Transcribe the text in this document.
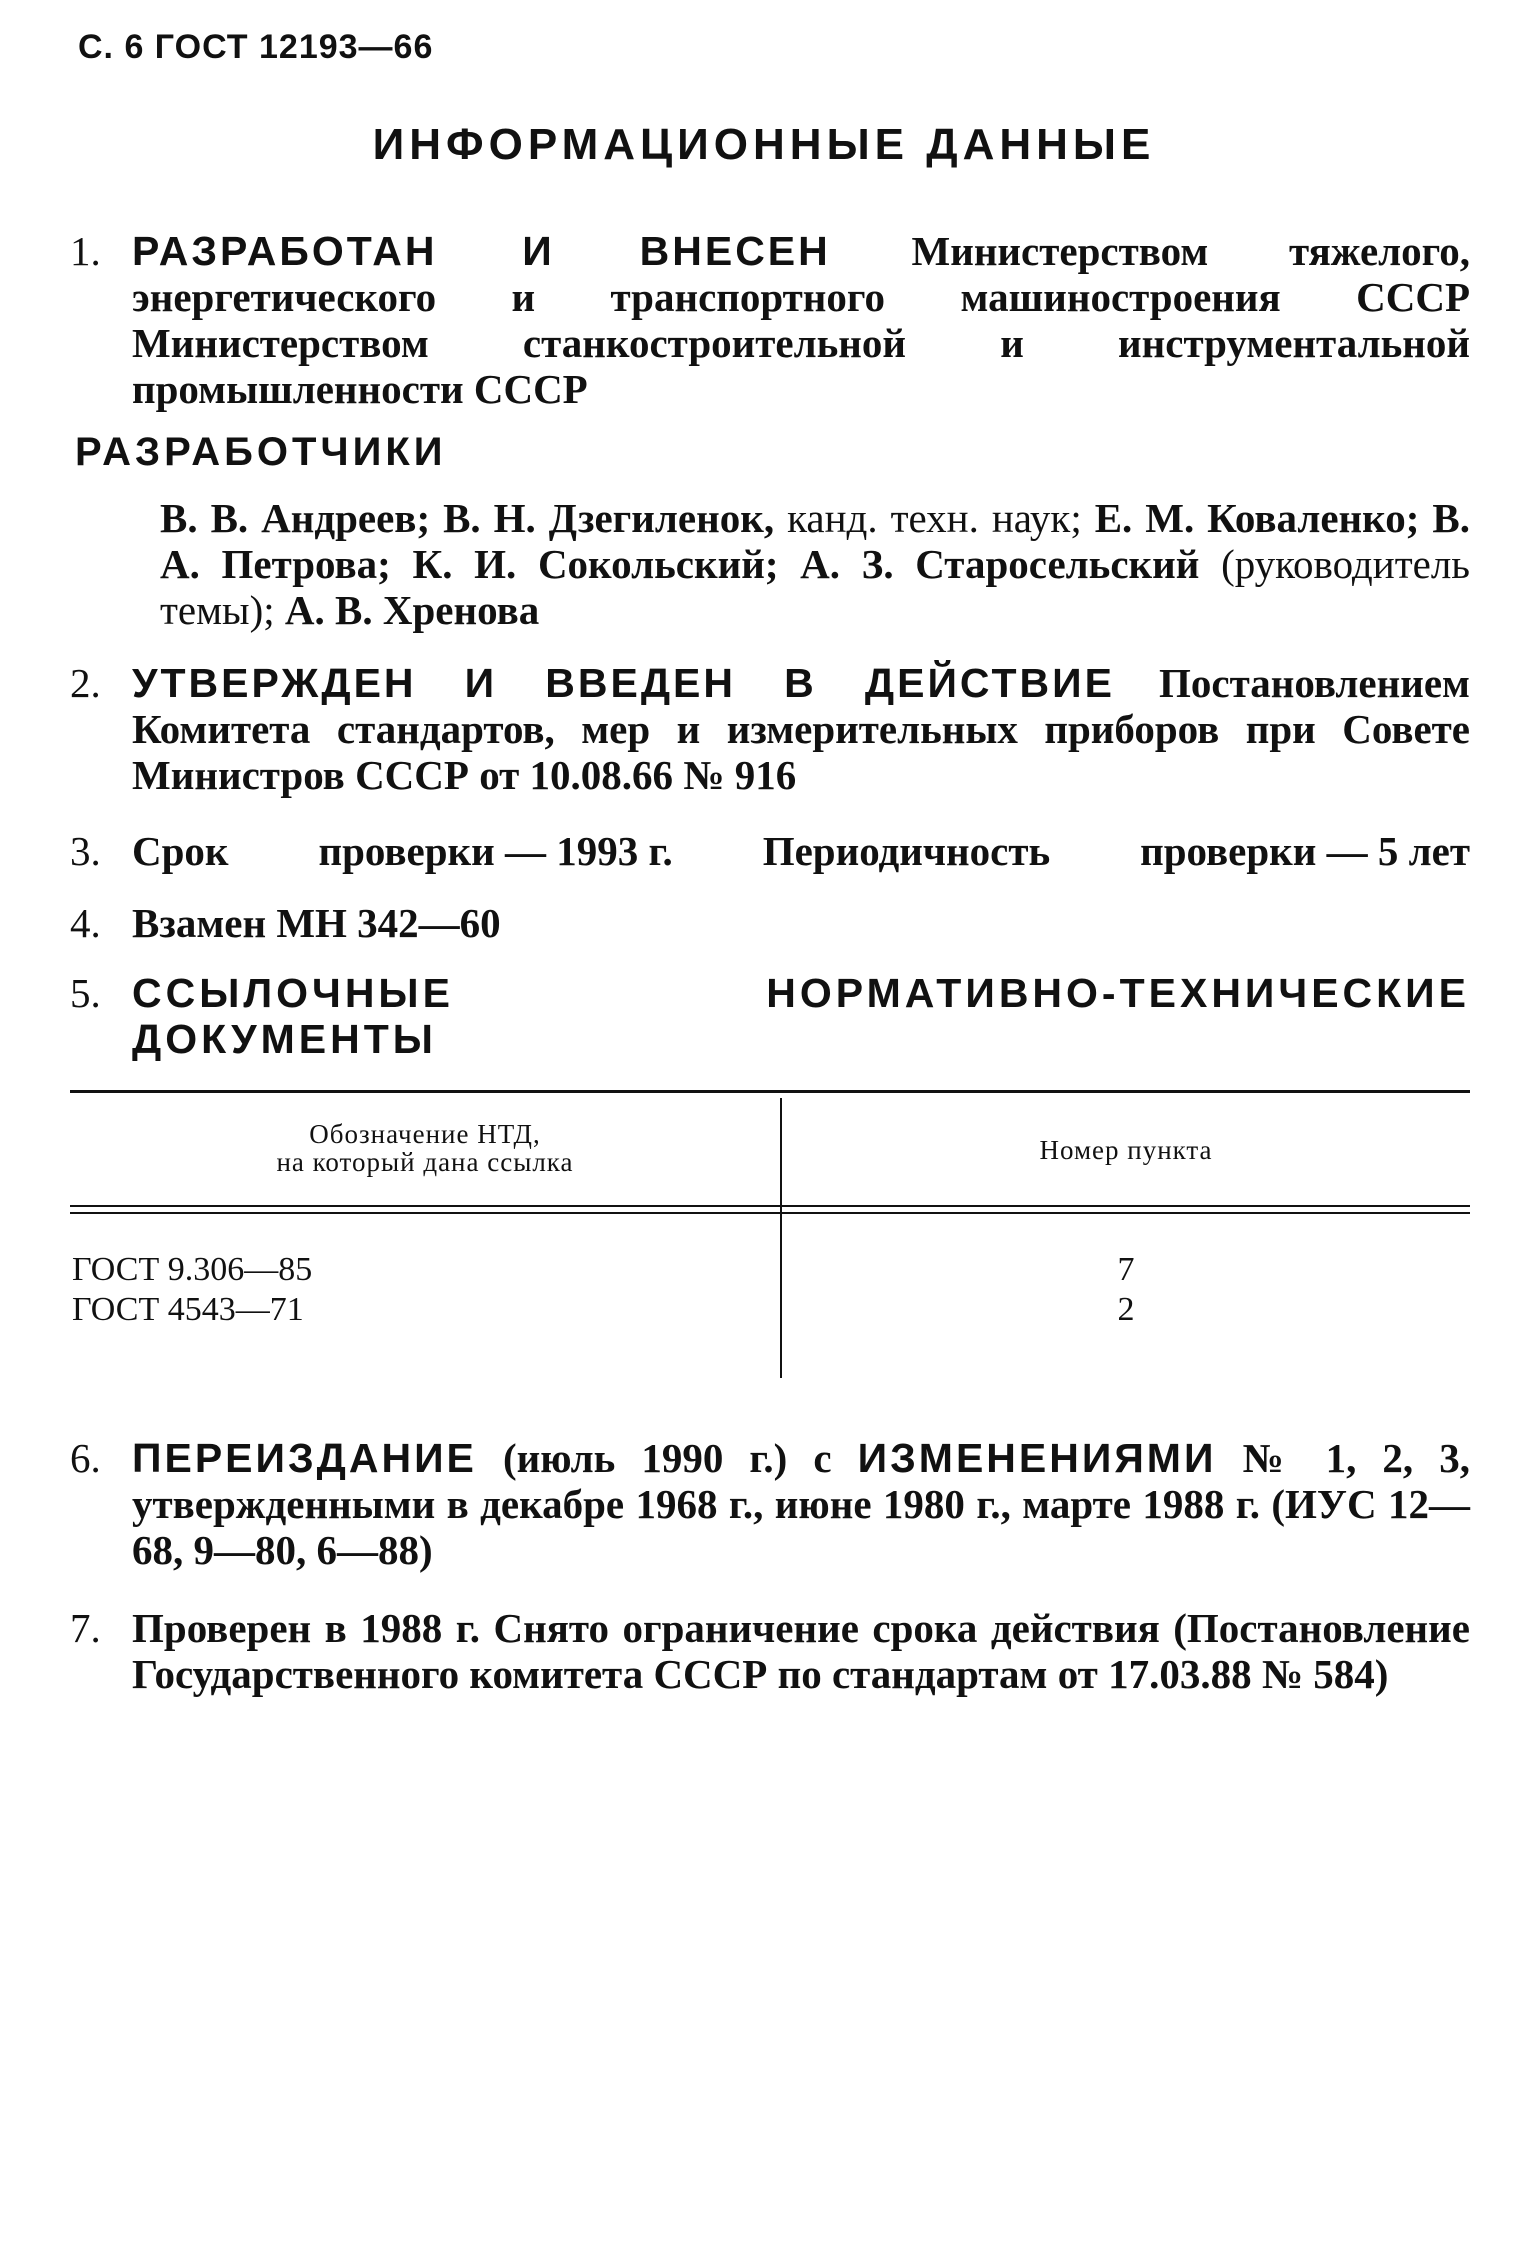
С. 6 ГОСТ 12193—66
ИНФОРМАЦИОННЫЕ ДАННЫЕ
1. РАЗРАБОТАН И ВНЕСЕН Министерством тяжелого, энергетического и транспортного машиностроения СССР Министерством станкостроительной и инструментальной промышленности СССР
РАЗРАБОТЧИКИ
В. В. Андреев; В. Н. Дзегиленок, канд. техн. наук; Е. М. Коваленко; В. А. Петрова; К. И. Сокольский; А. З. Старосельский (руководитель темы); А. В. Хренова
2. УТВЕРЖДЕН И ВВЕДЕН В ДЕЙСТВИЕ Постановлением Комитета стандартов, мер и измерительных приборов при Совете Министров СССР от 10.08.66 № 916
3. Срок проверки — 1993 г. Периодичность проверки — 5 лет
4. Взамен МН 342—60
5. ССЫЛОЧНЫЕ НОРМАТИВНО-ТЕХНИЧЕСКИЕ ДОКУМЕНТЫ
Обозначение НТД,
на который дана ссылка	Номер пункта
ГОСТ 9.306—85
ГОСТ 4543—71
7
2
6. ПЕРЕИЗДАНИЕ (июль 1990 г.) с ИЗМЕНЕНИЯМИ № 1, 2, 3, утвержденными в декабре 1968 г., июне 1980 г., марте 1988 г. (ИУС 12—68, 9—80, 6—88)
7. Проверен в 1988 г. Снято ограничение срока действия (Постановление Государственного комитета СССР по стандартам от 17.03.88 № 584)
